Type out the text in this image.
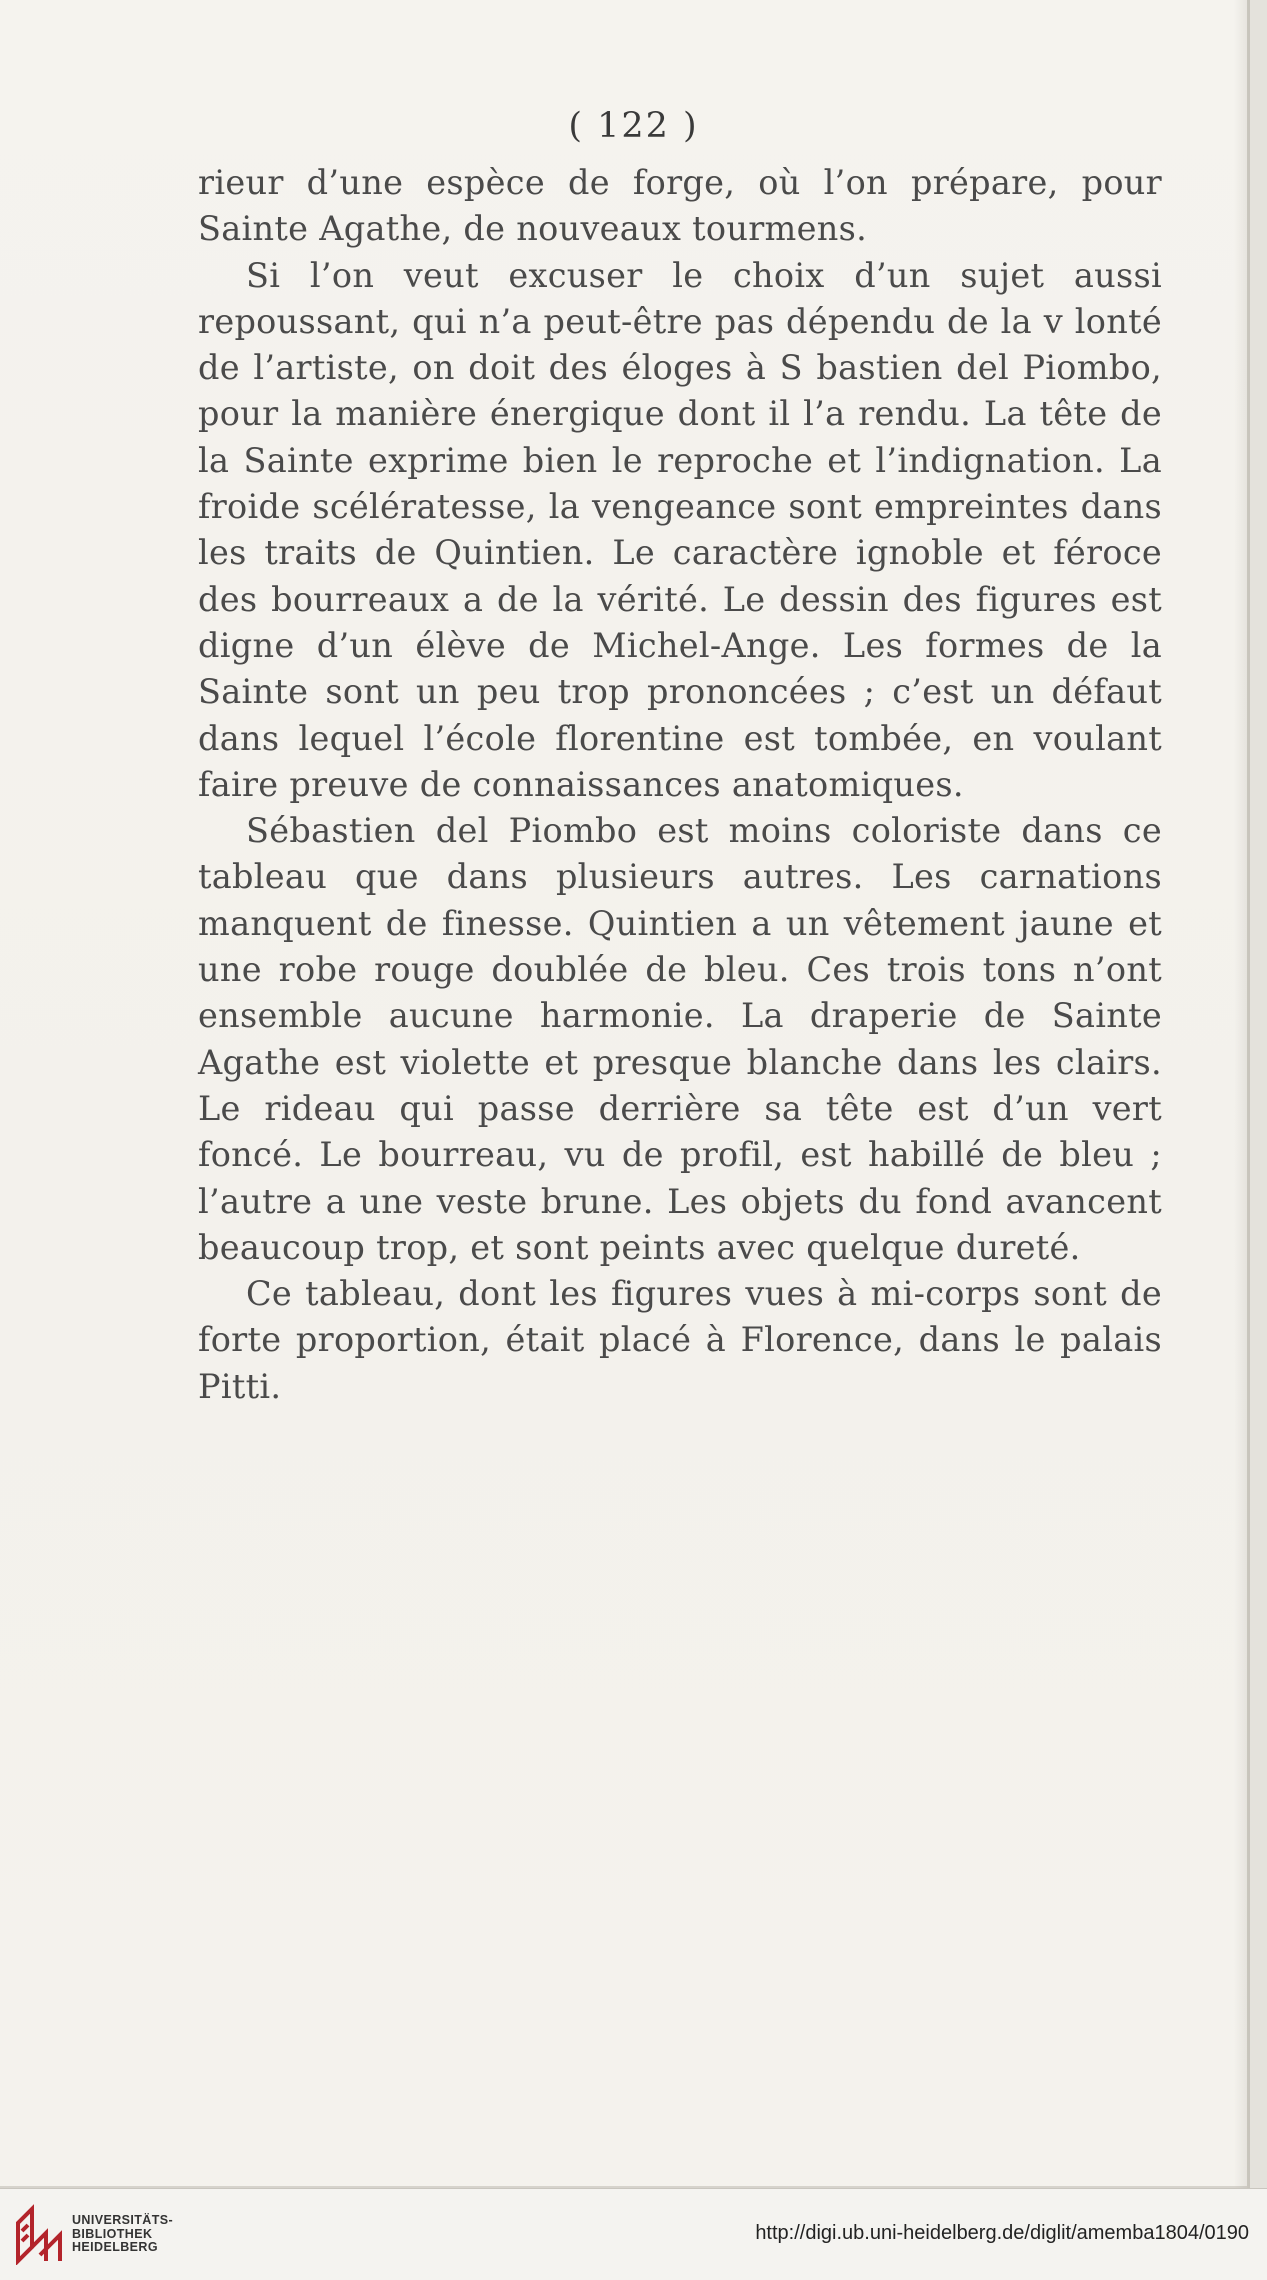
( 122 )

rieur d’une espèce de forge, où l’on prépare, pour Sainte Agathe, de nouveaux tourmens.

Si l’on veut excuser le choix d’un sujet aussi repoussant, qui n’a peut-être pas dépendu de la v lonté de l’artiste, on doit des éloges à S bastien del Piombo, pour la manière énergique dont il l’a rendu. La tête de la Sainte exprime bien le reproche et l’indignation. La froide scélératesse, la vengeance sont empreintes dans les traits de Quintien. Le caractère ignoble et féroce des bourreaux a de la vérité. Le dessin des figures est digne d’un élève de Michel-Ange. Les formes de la Sainte sont un peu trop prononcées ; c’est un défaut dans lequel l’école florentine est tombée, en voulant faire preuve de connaissances anatomiques.

Sébastien del Piombo est moins coloriste dans ce tableau que dans plusieurs autres. Les carnations manquent de finesse. Quintien a un vêtement jaune et une robe rouge doublée de bleu. Ces trois tons n’ont ensemble aucune harmonie. La draperie de Sainte Agathe est violette et presque blanche dans les clairs. Le rideau qui passe derrière sa tête est d’un vert foncé. Le bourreau, vu de profil, est habillé de bleu ; l’autre a une veste brune. Les objets du fond avancent beaucoup trop, et sont peints avec quelque dureté.

Ce tableau, dont les figures vues à mi-corps sont de forte proportion, était placé à Florence, dans le palais Pitti.

UNIVERSITÄTS-
BIBLIOTHEK
HEIDELBERG
http://digi.ub.uni-heidelberg.de/diglit/amemba1804/0190
